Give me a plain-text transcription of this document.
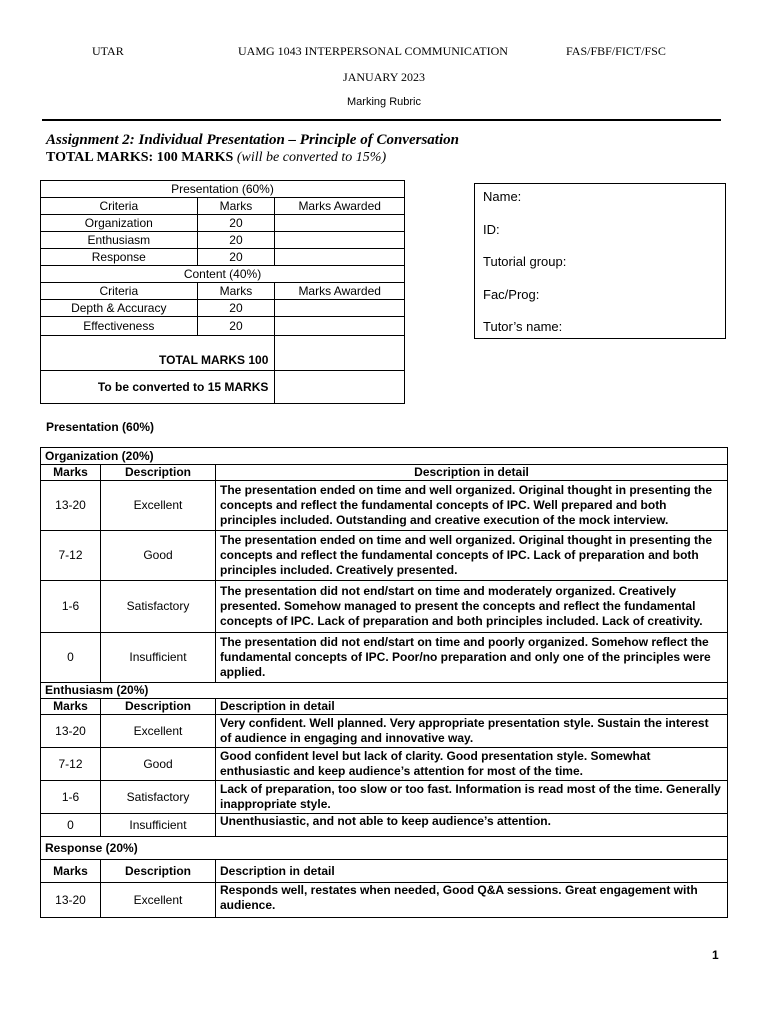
UTAR	UAMG 1043 INTERPERSONAL COMMUNICATION	FAS/FBF/FICT/FSC
JANUARY 2023
Marking Rubric
Assignment 2: Individual Presentation – Principle of Conversation
TOTAL MARKS: 100 MARKS (will be converted to 15%)
Presentation (60%)		
Criteria	Marks	Marks Awarded
Organization	20	
Enthusiasm	20	
Response	20	
Content (40%)		
Criteria	Marks	Marks Awarded
Depth & Accuracy	20	
Effectiveness	20	
TOTAL MARKS 100		
To be converted to 15 MARKS		
Name:
ID:
Tutorial group:
Fac/Prog:
Tutor’s name:
Presentation (60%)
Organization (20%)		
Marks	Description	Description in detail
13-20	Excellent	The presentation ended on time and well organized. Original thought in presenting the concepts and reflect the fundamental concepts of IPC. Well prepared and both principles included. Outstanding and creative execution of the mock interview.
7-12	Good	The presentation ended on time and well organized. Original thought in presenting the concepts and reflect the fundamental concepts of IPC. Lack of preparation and both principles included. Creatively presented.
1-6	Satisfactory	The presentation did not end/start on time and moderately organized. Creatively presented. Somehow managed to present the concepts and reflect the fundamental concepts of IPC. Lack of preparation and both principles included. Lack of creativity.
0	Insufficient	The presentation did not end/start on time and poorly organized. Somehow reflect the fundamental concepts of IPC. Poor/no preparation and only one of the principles were applied.
Enthusiasm (20%)		
Marks	Description	Description in detail
13-20	Excellent	Very confident. Well planned. Very appropriate presentation style. Sustain the interest of audience in engaging and innovative way.
7-12	Good	Good confident level but lack of clarity. Good presentation style. Somewhat enthusiastic and keep audience’s attention for most of the time.
1-6	Satisfactory	Lack of preparation, too slow or too fast. Information is read most of the time. Generally inappropriate style.
0	Insufficient	Unenthusiastic, and not able to keep audience’s attention.
Response (20%)		
Marks	Description	Description in detail
13-20	Excellent	Responds well, restates when needed, Good Q&A sessions. Great engagement with audience.
1
